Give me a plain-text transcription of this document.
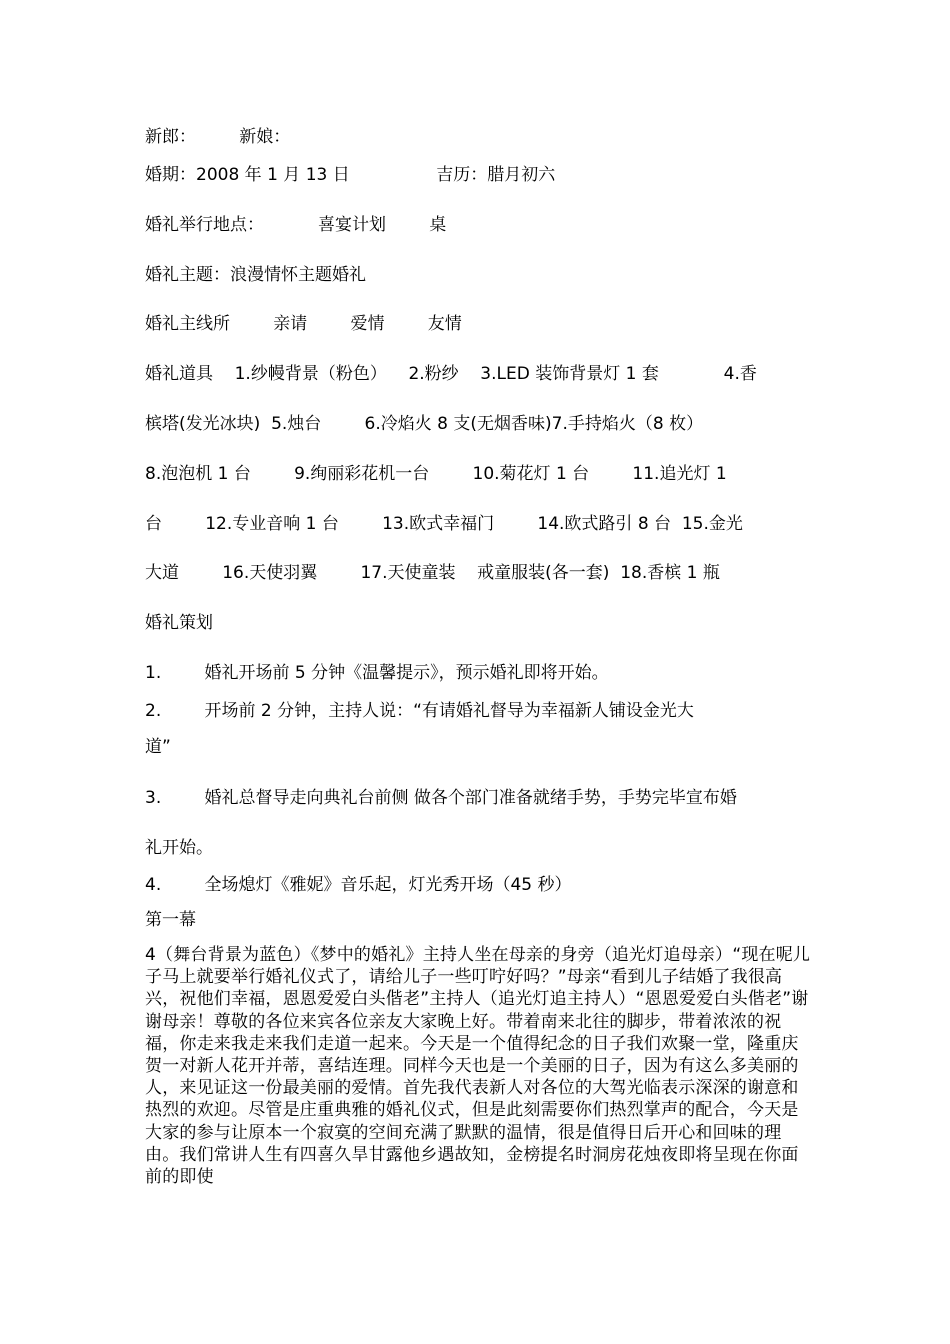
新郎：        新娘：
婚期：2008 年 1 月 13 日                吉历：腊月初六
婚礼举行地点：          喜宴计划        桌
婚礼主题：浪漫情怀主题婚礼
婚礼主线所        亲请        爱情        友情
婚礼道具    1.纱幔背景（粉色）    2.粉纱    3.LED 装饰背景灯 1 套            4.香
槟塔(发光冰块)  5.烛台        6.冷焰火 8 支(无烟香味)7.手持焰火（8 枚）
8.泡泡机 1 台        9.绚丽彩花机一台        10.菊花灯 1 台        11.追光灯 1
台        12.专业音响 1 台        13.欧式幸福门        14.欧式路引 8 台  15.金光
大道        16.天使羽翼        17.天使童装    戒童服装(各一套)  18.香槟 1 瓶
婚礼策划
1.        婚礼开场前 5 分钟《温馨提示》，预示婚礼即将开始。
2.        开场前 2 分钟，主持人说：“有请婚礼督导为幸福新人铺设金光大
道”
3.        婚礼总督导走向典礼台前侧 做各个部门准备就绪手势，手势完毕宣布婚
礼开始。
4.        全场熄灯《雅妮》音乐起，灯光秀开场（45 秒）
第一幕
4（舞台背景为蓝色）《梦中的婚礼》主持人坐在母亲的身旁（追光灯追母亲）“现在呢儿子马上就要举行婚礼仪式了，请给儿子一些叮咛好吗？”母亲“看到儿子结婚了我很高兴，祝他们幸福，恩恩爱爱白头偕老”主持人（追光灯追主持人）“恩恩爱爱白头偕老”谢谢母亲！尊敬的各位来宾各位亲友大家晚上好。带着南来北往的脚步，带着浓浓的祝福，你走来我走来我们走道一起来。今天是一个值得纪念的日子我们欢聚一堂，隆重庆贺一对新人花开并蒂，喜结连理。同样今天也是一个美丽的日子，因为有这么多美丽的人，来见证这一份最美丽的爱情。首先我代表新人对各位的大驾光临表示深深的谢意和热烈的欢迎。尽管是庄重典雅的婚礼仪式，但是此刻需要你们热烈掌声的配合，今天是大家的参与让原本一个寂寞的空间充满了默默的温情，很是值得日后开心和回味的理由。我们常讲人生有四喜久旱甘露他乡遇故知，金榜提名时洞房花烛夜即将呈现在你面前的即使
